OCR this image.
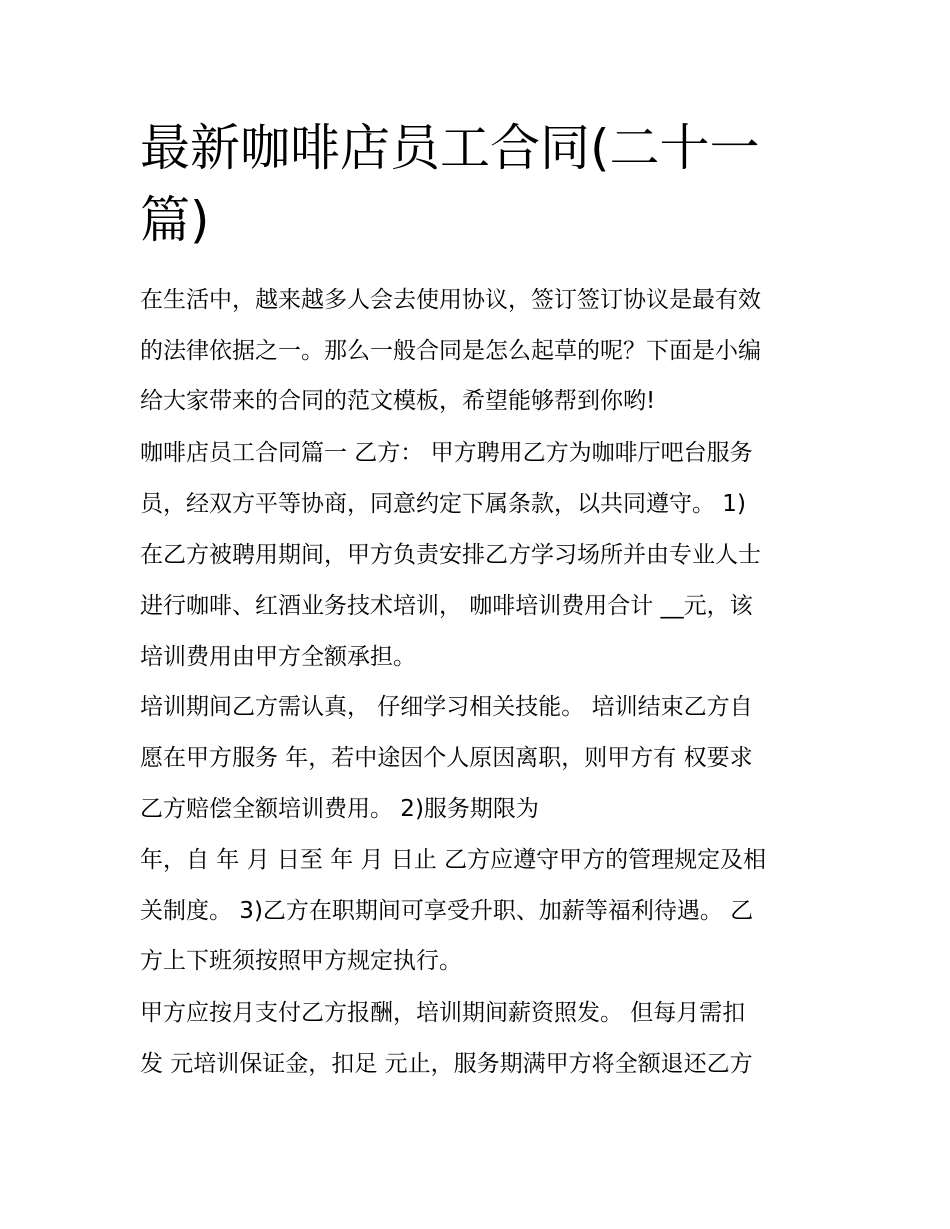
最新咖啡店员工合同(二十一篇)

在生活中，越来越多人会去使用协议，签订签订协议是最有效

的法律依据之一。那么一般合同是怎么起草的呢？下面是小编

给大家带来的合同的范文模板，希望能够帮到你哟!

咖啡店员工合同篇一 乙方： 甲方聘用乙方为咖啡厅吧台服务

员，经双方平等协商，同意约定下属条款，以共同遵守。 1)

在乙方被聘用期间，甲方负责安排乙方学习场所并由专业人士

进行咖啡、红酒业务技术培训， 咖啡培训费用合计 __元，该

培训费用由甲方全额承担。

培训期间乙方需认真， 仔细学习相关技能。 培训结束乙方自

愿在甲方服务 年，若中途因个人原因离职，则甲方有 权要求

乙方赔偿全额培训费用。 2)服务期限为

年，自 年 月 日至 年 月 日止 乙方应遵守甲方的管理规定及相

关制度。 3)乙方在职期间可享受升职、加薪等福利待遇。 乙

方上下班须按照甲方规定执行。

甲方应按月支付乙方报酬，培训期间薪资照发。 但每月需扣

发 元培训保证金，扣足 元止，服务期满甲方将全额退还乙方
